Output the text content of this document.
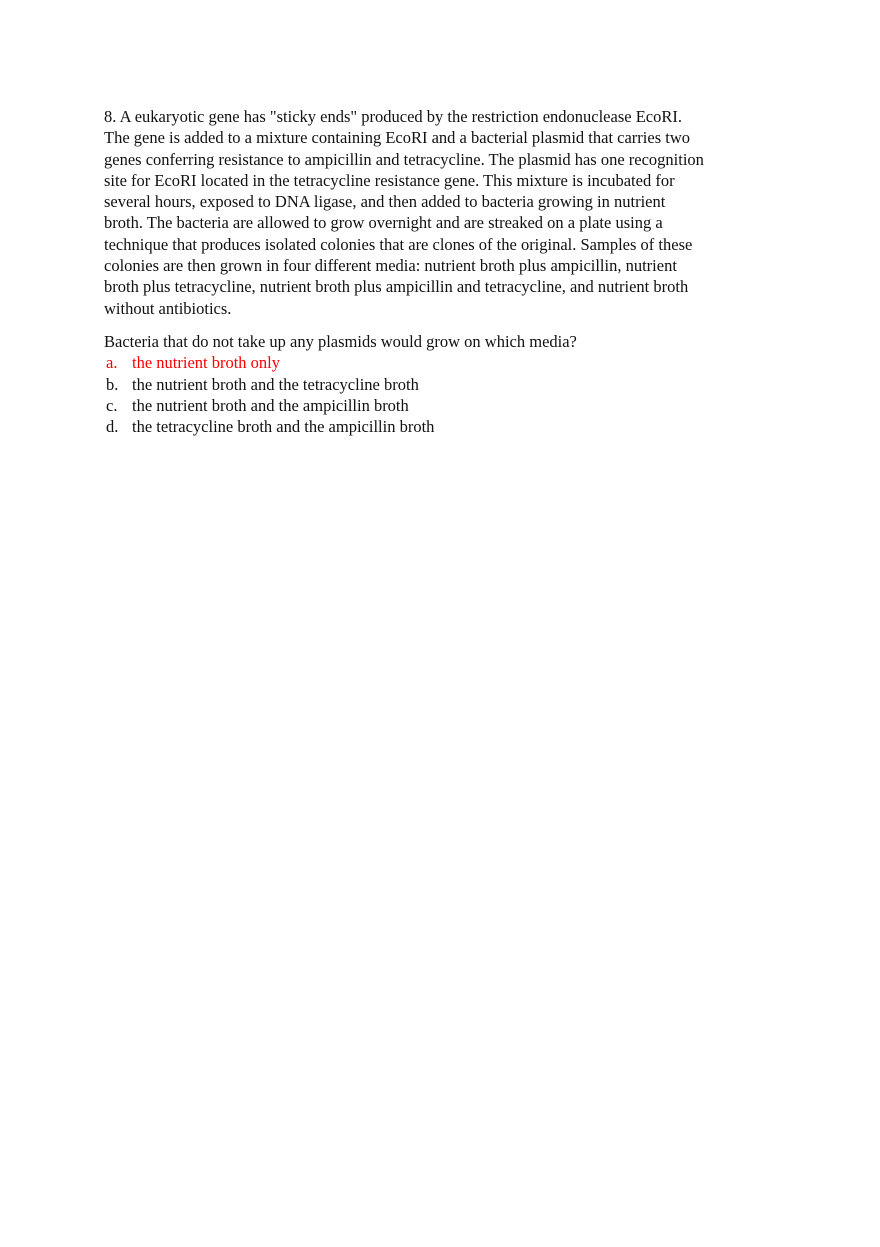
8. A eukaryotic gene has "sticky ends" produced by the restriction endonuclease EcoRI.

The gene is added to a mixture containing EcoRI and a bacterial plasmid that carries two

genes conferring resistance to ampicillin and tetracycline. The plasmid has one recognition

site for EcoRI located in the tetracycline resistance gene. This mixture is incubated for

several hours, exposed to DNA ligase, and then added to bacteria growing in nutrient

broth. The bacteria are allowed to grow overnight and are streaked on a plate using a

technique that produces isolated colonies that are clones of the original. Samples of these

colonies are then grown in four different media: nutrient broth plus ampicillin, nutrient

broth plus tetracycline, nutrient broth plus ampicillin and tetracycline, and nutrient broth

without antibiotics.

Bacteria that do not take up any plasmids would grow on which media?
a. the nutrient broth only
b. the nutrient broth and the tetracycline broth
c. the nutrient broth and the ampicillin broth
d. the tetracycline broth and the ampicillin broth
